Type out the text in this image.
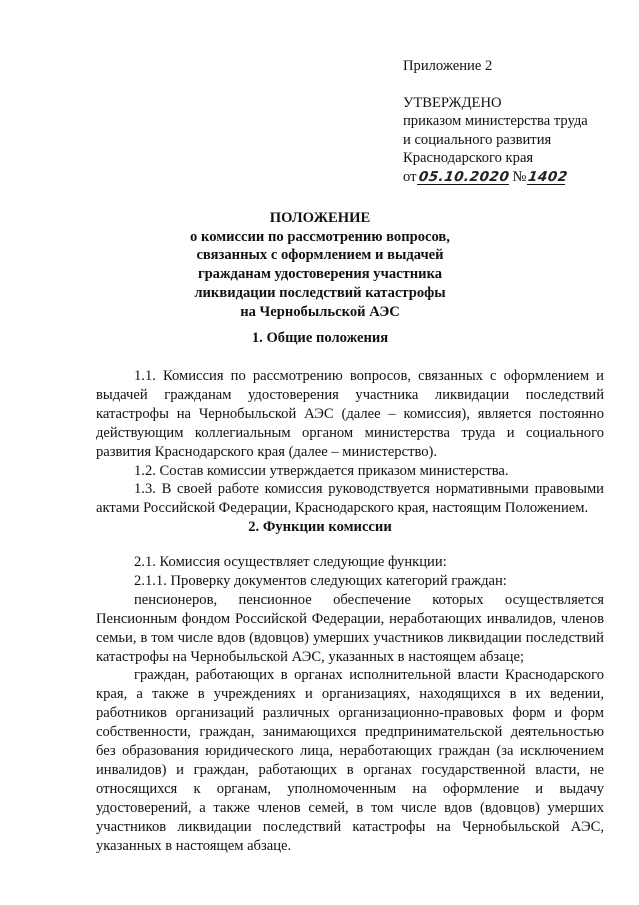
Приложение 2
УТВЕРЖДЕНО
приказом министерства труда
и социального развития
Краснодарского края
от 05.10.2020 № 1402
ПОЛОЖЕНИЕ
о комиссии по рассмотрению вопросов,
связанных с оформлением и выдачей
гражданам удостоверения участника
ликвидации последствий катастрофы
на Чернобыльской АЭС
1. Общие положения

1.1. Комиссия по рассмотрению вопросов, связанных с оформлением и выдачей гражданам удостоверения участника ликвидации последствий катастрофы на Чернобыльской АЭС (далее – комиссия), является постоянно действующим коллегиальным органом министерства труда и социального развития Краснодарского края (далее – министерство).

1.2. Состав комиссии утверждается приказом министерства.

1.3. В своей работе комиссия руководствуется нормативными правовыми актами Российской Федерации, Краснодарского края, настоящим Положением.

2. Функции комиссии

2.1. Комиссия осуществляет следующие функции:

2.1.1. Проверку документов следующих категорий граждан:

пенсионеров, пенсионное обеспечение которых осуществляется Пенсионным фондом Российской Федерации, неработающих инвалидов, членов семьи, в том числе вдов (вдовцов) умерших участников ликвидации последствий катастрофы на Чернобыльской АЭС, указанных в настоящем абзаце;

граждан, работающих в органах исполнительной власти Краснодарского края, а также в учреждениях и организациях, находящихся в их ведении, работников организаций различных организационно-правовых форм и форм собственности, граждан, занимающихся предпринимательской деятельностью без образования юридического лица, неработающих граждан (за исключением инвалидов) и граждан, работающих в органах государственной власти, не относящихся к органам, уполномоченным на оформление и выдачу удостоверений, а также членов семей, в том числе вдов (вдовцов) умерших участников ликвидации последствий катастрофы на Чернобыльской АЭС, указанных в настоящем абзаце.
